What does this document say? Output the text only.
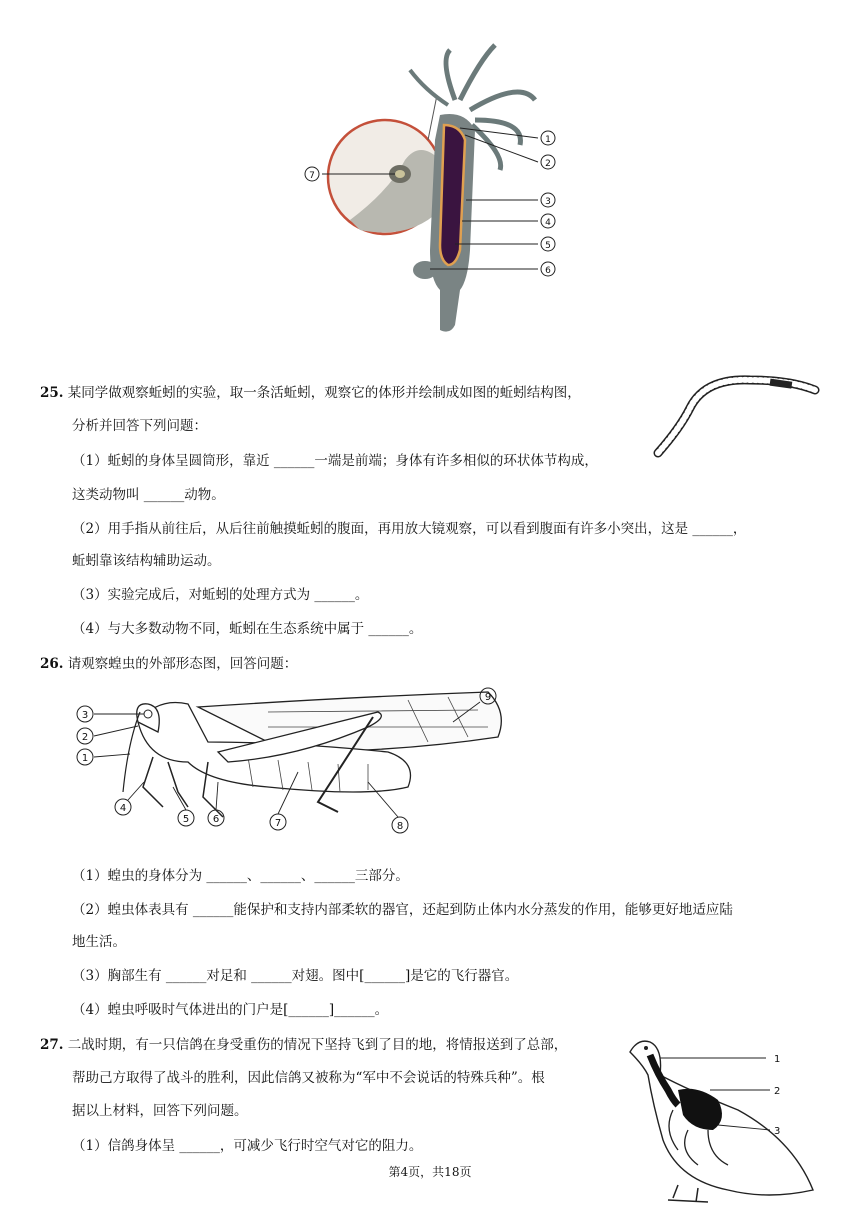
1
2
3
4
5
6
7
25. 某同学做观察蚯蚓的实验，取一条活蚯蚓，观察它的体形并绘制成如图的蚯蚓结构图，
分析并回答下列问题：
（1）蚯蚓的身体呈圆筒形，靠近 ______一端是前端；身体有许多相似的环状体节构成，
这类动物叫 ______动物。
（2）用手指从前往后，从后往前触摸蚯蚓的腹面，再用放大镜观察，可以看到腹面有许多小突出，这是 ______，
蚯蚓靠该结构辅助运动。
（3）实验完成后，对蚯蚓的处理方式为 ______。
（4）与大多数动物不同，蚯蚓在生态系统中属于 ______。
26. 请观察蝗虫的外部形态图，回答问题：
3
2
1
4
5 6	7	8
9
（1）蝗虫的身体分为 ______、______、______三部分。
（2）蝗虫体表具有 ______能保护和支持内部柔软的器官，还起到防止体内水分蒸发的作用，能够更好地适应陆
地生活。
（3）胸部生有 ______对足和 ______对翅。图中[______]是它的飞行器官。
（4）蝗虫呼吸时气体进出的门户是[______]______。
27. 二战时期，有一只信鸽在身受重伤的情况下坚持飞到了目的地，将情报送到了总部，
帮助己方取得了战斗的胜利，因此信鸽又被称为“军中不会说话的特殊兵种”。根
据以上材料，回答下列问题。
（1）信鸽身体呈 ______，可减少飞行时空气对它的阻力。
1
2
3
第4页，共18页
